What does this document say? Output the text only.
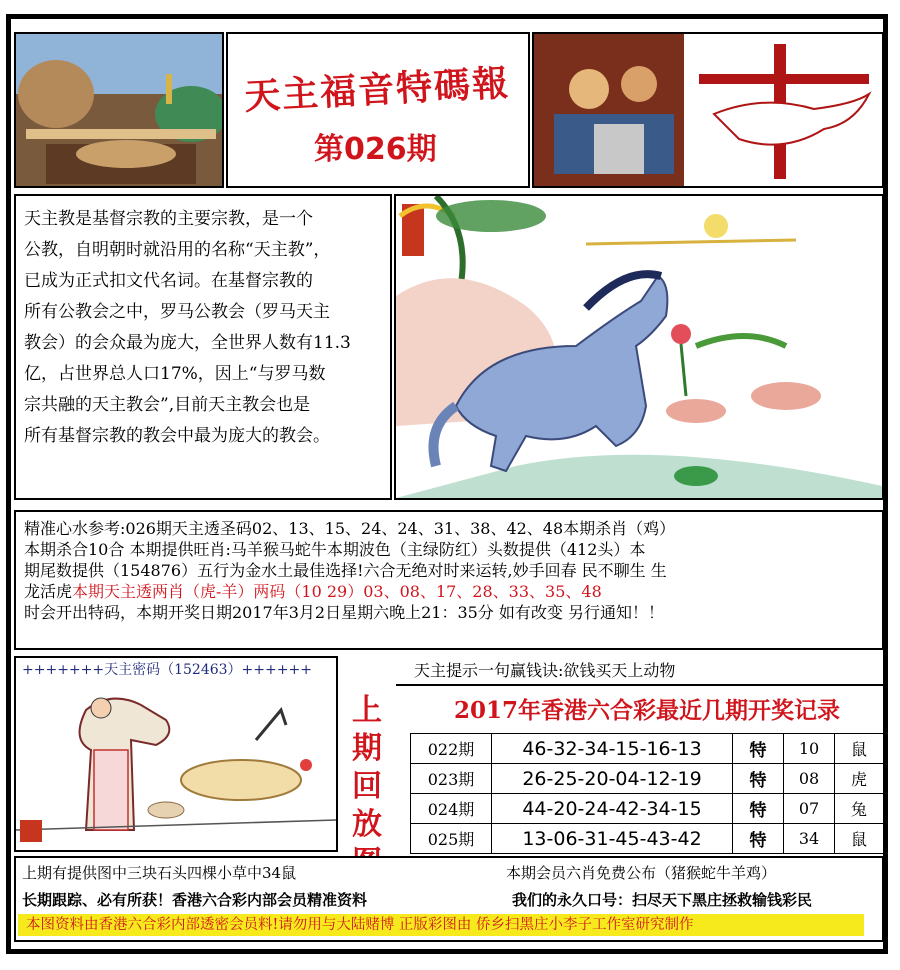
天主福音特碼報
第026期
天主教是基督宗教的主要宗教，是一个
公教，自明朝时就沿用的名称“天主教”，
已成为正式扣文代名词。在基督宗教的
所有公教会之中，罗马公教会（罗马天主
教会）的会众最为庞大，全世界人数有11.3
亿，占世界总人口17%，因上“与罗马数
宗共融的天主教会”,目前天主教会也是
所有基督宗教的教会中最为庞大的教会。
精准心水参考:026期天主透圣码02、13、15、24、24、31、38、42、48本期杀肖（鸡）
本期杀合10合 本期提供旺肖:马羊猴马蛇牛本期波色（主绿防红）头数提供（412头）本
期尾数提供（154876）五行为金水土最佳选择!六合无绝对时来运转,妙手回春 民不聊生 生
龙活虎本期天主透两肖（虎-羊）两码（10 29）03、08、17、28、33、35、48
时会开出特码，本期开奖日期2017年3月2日星期六晚上21：35分 如有改变 另行通知！！
+++++++天主密码（152463）++++++
上
期
回
放
天主提示一句赢钱诀:欲钱买天上动物
2017年香港六合彩最近几期开奖记录
022期	46-32-34-15-16-13	特	10	鼠
023期	26-25-20-04-12-19	特	08	虎
024期	44-20-24-42-34-15	特	07	兔
025期	13-06-31-45-43-42	特	34	鼠
上期有提供图中三块石头四棵小草中34鼠	本期会员六肖免费公布（猪猴蛇牛羊鸡）
长期跟踪、必有所获！香港六合彩内部会员精准资料	我们的永久口号：扫尽天下黑庄拯救输钱彩民
本图资料由香港六合彩内部透密会员料!请勿用与大陆赌博 正版彩图由 侨乡扫黑庄小李子工作室研究制作
